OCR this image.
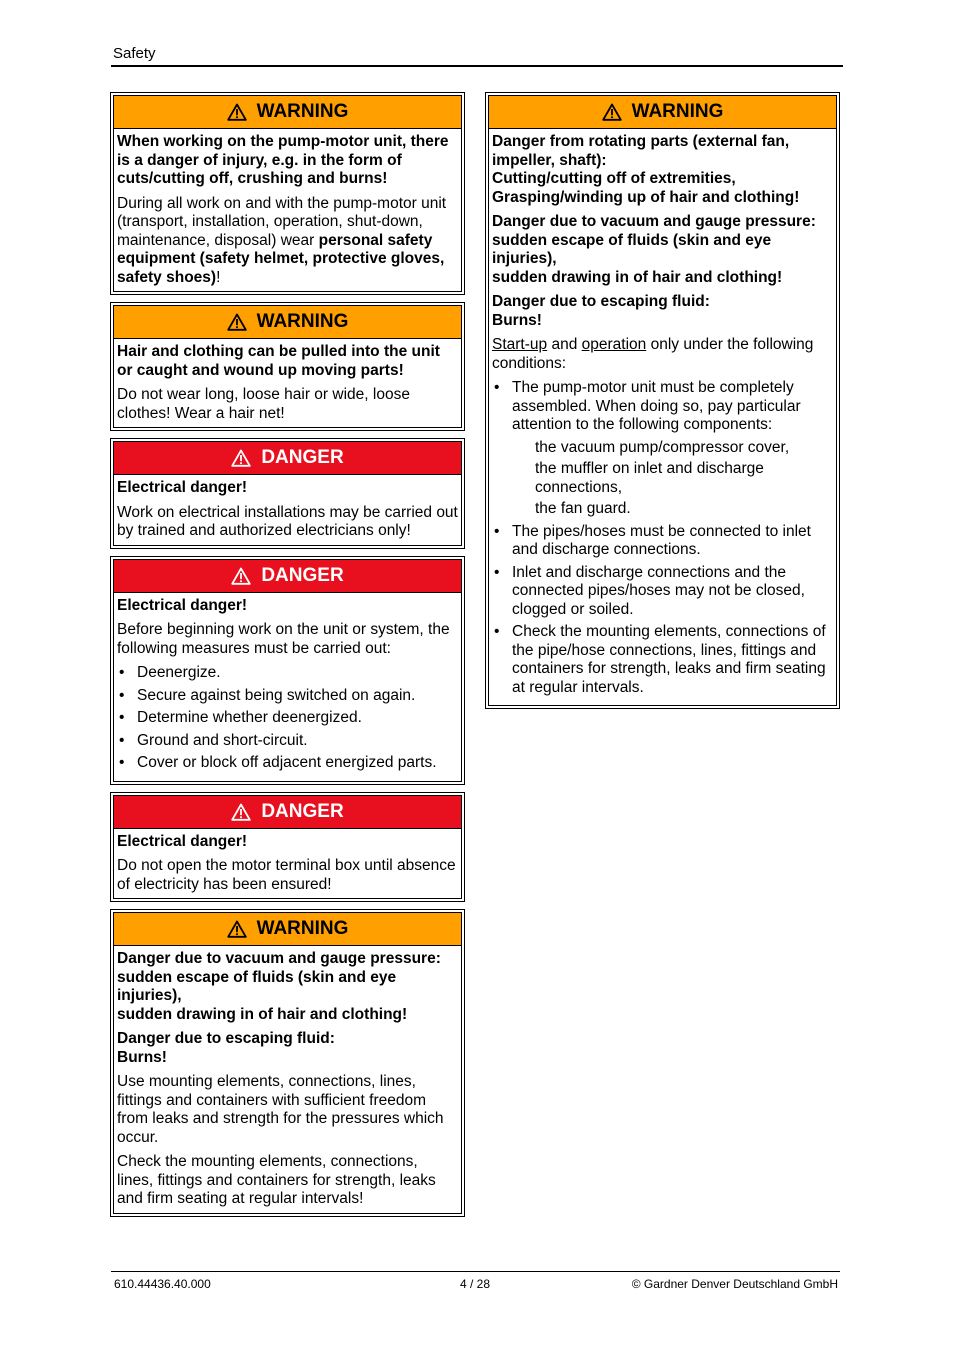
Safety
WARNING
When working on the pump-motor unit, there is a danger of injury, e.g. in the form of cuts/cutting off, crushing and burns!
During all work on and with the pump-motor unit (transport, installation, operation, shut-down, maintenance, disposal) wear personal safety equipment (safety helmet, protective gloves, safety shoes)!
WARNING
Hair and clothing can be pulled into the unit or caught and wound up moving parts!
Do not wear long, loose hair or wide, loose clothes! Wear a hair net!
DANGER
Electrical danger!
Work on electrical installations may be carried out by trained and authorized electricians only!
DANGER
Electrical danger!
Before beginning work on the unit or system, the following measures must be carried out:
• Deenergize.
• Secure against being switched on again.
• Determine whether deenergized.
• Ground and short-circuit.
• Cover or block off adjacent energized parts.
DANGER
Electrical danger!
Do not open the motor terminal box until absence of electricity has been ensured!
WARNING
Danger due to vacuum and gauge pressure: sudden escape of fluids (skin and eye injuries),
sudden drawing in of hair and clothing!
Danger due to escaping fluid:
Burns!
Use mounting elements, connections, lines, fittings and containers with sufficient freedom from leaks and strength for the pressures which occur.
Check the mounting elements, connections, lines, fittings and containers for strength, leaks and firm seating at regular intervals!
WARNING
Danger from rotating parts (external fan, impeller, shaft):
Cutting/cutting off of extremities,
Grasping/winding up of hair and clothing!
Danger due to vacuum and gauge pressure: sudden escape of fluids (skin and eye injuries),
sudden drawing in of hair and clothing!
Danger due to escaping fluid:
Burns!
Start-up and operation only under the following conditions:
• The pump-motor unit must be completely assembled. When doing so, pay particular attention to the following components:
the vacuum pump/compressor cover,
the muffler on inlet and discharge connections,
the fan guard.
• The pipes/hoses must be connected to inlet and discharge connections.
• Inlet and discharge connections and the connected pipes/hoses may not be closed, clogged or soiled.
• Check the mounting elements, connections of the pipe/hose connections, lines, fittings and containers for strength, leaks and firm seating at regular intervals.
610.44436.40.000	4 / 28	© Gardner Denver Deutschland GmbH
